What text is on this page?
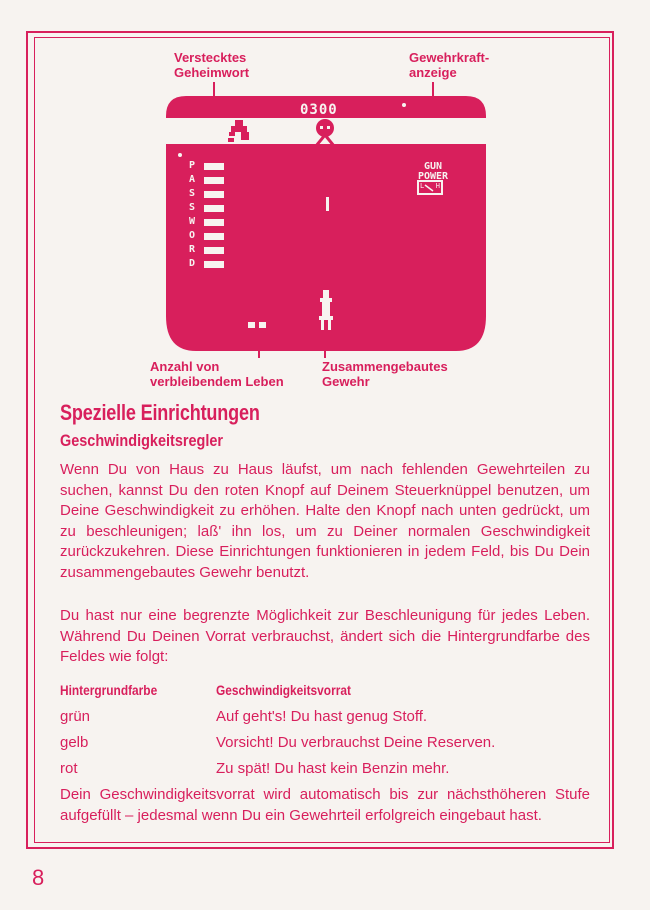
Verstecktes
Geheimwort
Gewehrkraft-
anzeige
0300
P
A
S
S
W
O
R
D
GUN
POWER
L H
Anzahl von
verbleibendem Leben
Zusammengebautes
Gewehr
Spezielle Einrichtungen
Geschwindigkeitsregler

Wenn Du von Haus zu Haus läufst, um nach fehlenden Gewehrteilen zu suchen, kannst Du den roten Knopf auf Deinem Steuerknüppel benutzen, um Deine Geschwindigkeit zu erhöhen. Halte den Knopf nach unten gedrückt, um zu beschleunigen; laß' ihn los, um zu Deiner normalen Geschwindigkeit zurückzukehren. Diese Einrichtungen funktionieren in jedem Feld, bis Du Dein zusammengebautes Gewehr benutzt.

Du hast nur eine begrenzte Möglichkeit zur Beschleunigung für jedes Leben. Während Du Deinen Vorrat verbrauchst, ändert sich die Hintergrundfarbe des Feldes wie folgt:

Hintergrundfarbe	Geschwindigkeitsvorrat
grün	Auf geht's! Du hast genug Stoff.
gelb	Vorsicht! Du verbrauchst Deine Reserven.
rot	Zu spät! Du hast kein Benzin mehr.

Dein Geschwindigkeitsvorrat wird automatisch bis zur nächsthöheren Stufe aufgefüllt – jedesmal wenn Du ein Gewehrteil erfolgreich eingebaut hast.

8
